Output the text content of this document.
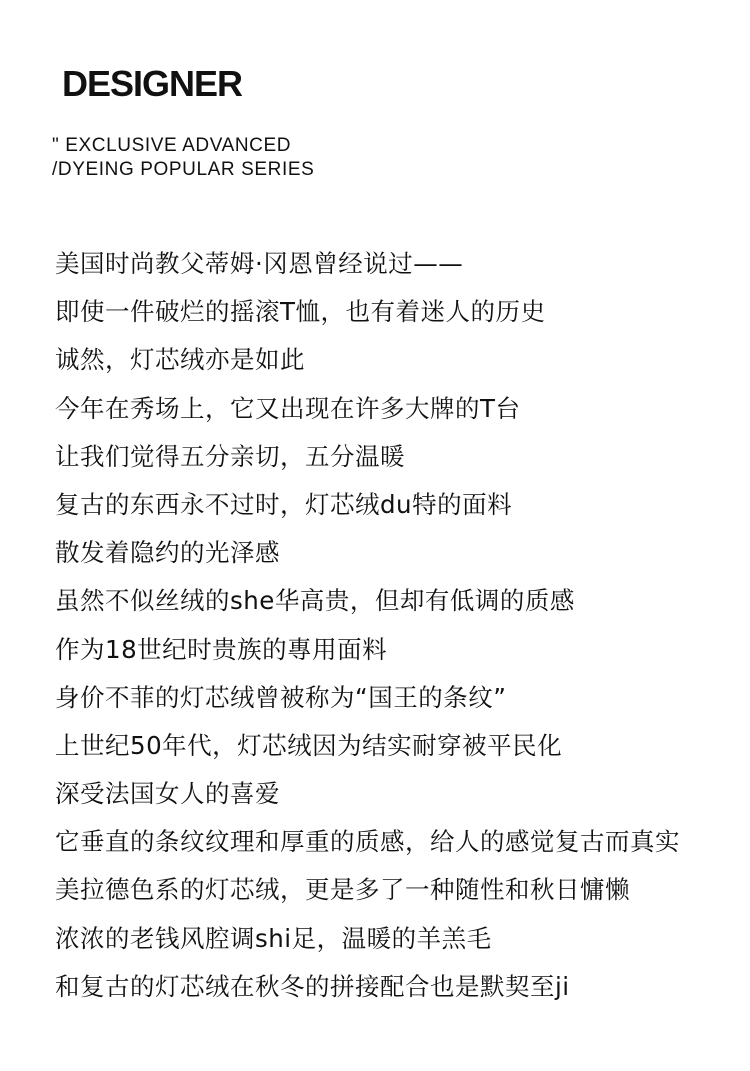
DESIGNER
" EXCLUSIVE ADVANCED
/DYEING POPULAR SERIES
美国时尚教父蒂姆·冈恩曾经说过——
即使一件破烂的摇滚T恤，也有着迷人的历史
诚然，灯芯绒亦是如此
今年在秀场上，它又出现在许多大牌的T台
让我们觉得五分亲切，五分温暖
复古的东西永不过时，灯芯绒du特的面料
散发着隐约的光泽感
虽然不似丝绒的she华高贵，但却有低调的质感
作为18世纪时贵族的專用面料
身价不菲的灯芯绒曾被称为“国王的条纹”
上世纪50年代，灯芯绒因为结实耐穿被平民化
深受法国女人的喜爱
它垂直的条纹纹理和厚重的质感，给人的感觉复古而真实
美拉德色系的灯芯绒，更是多了一种随性和秋日慵懒
浓浓的老钱风腔调shi足，温暖的羊羔毛
和复古的灯芯绒在秋冬的拼接配合也是默契至ji
